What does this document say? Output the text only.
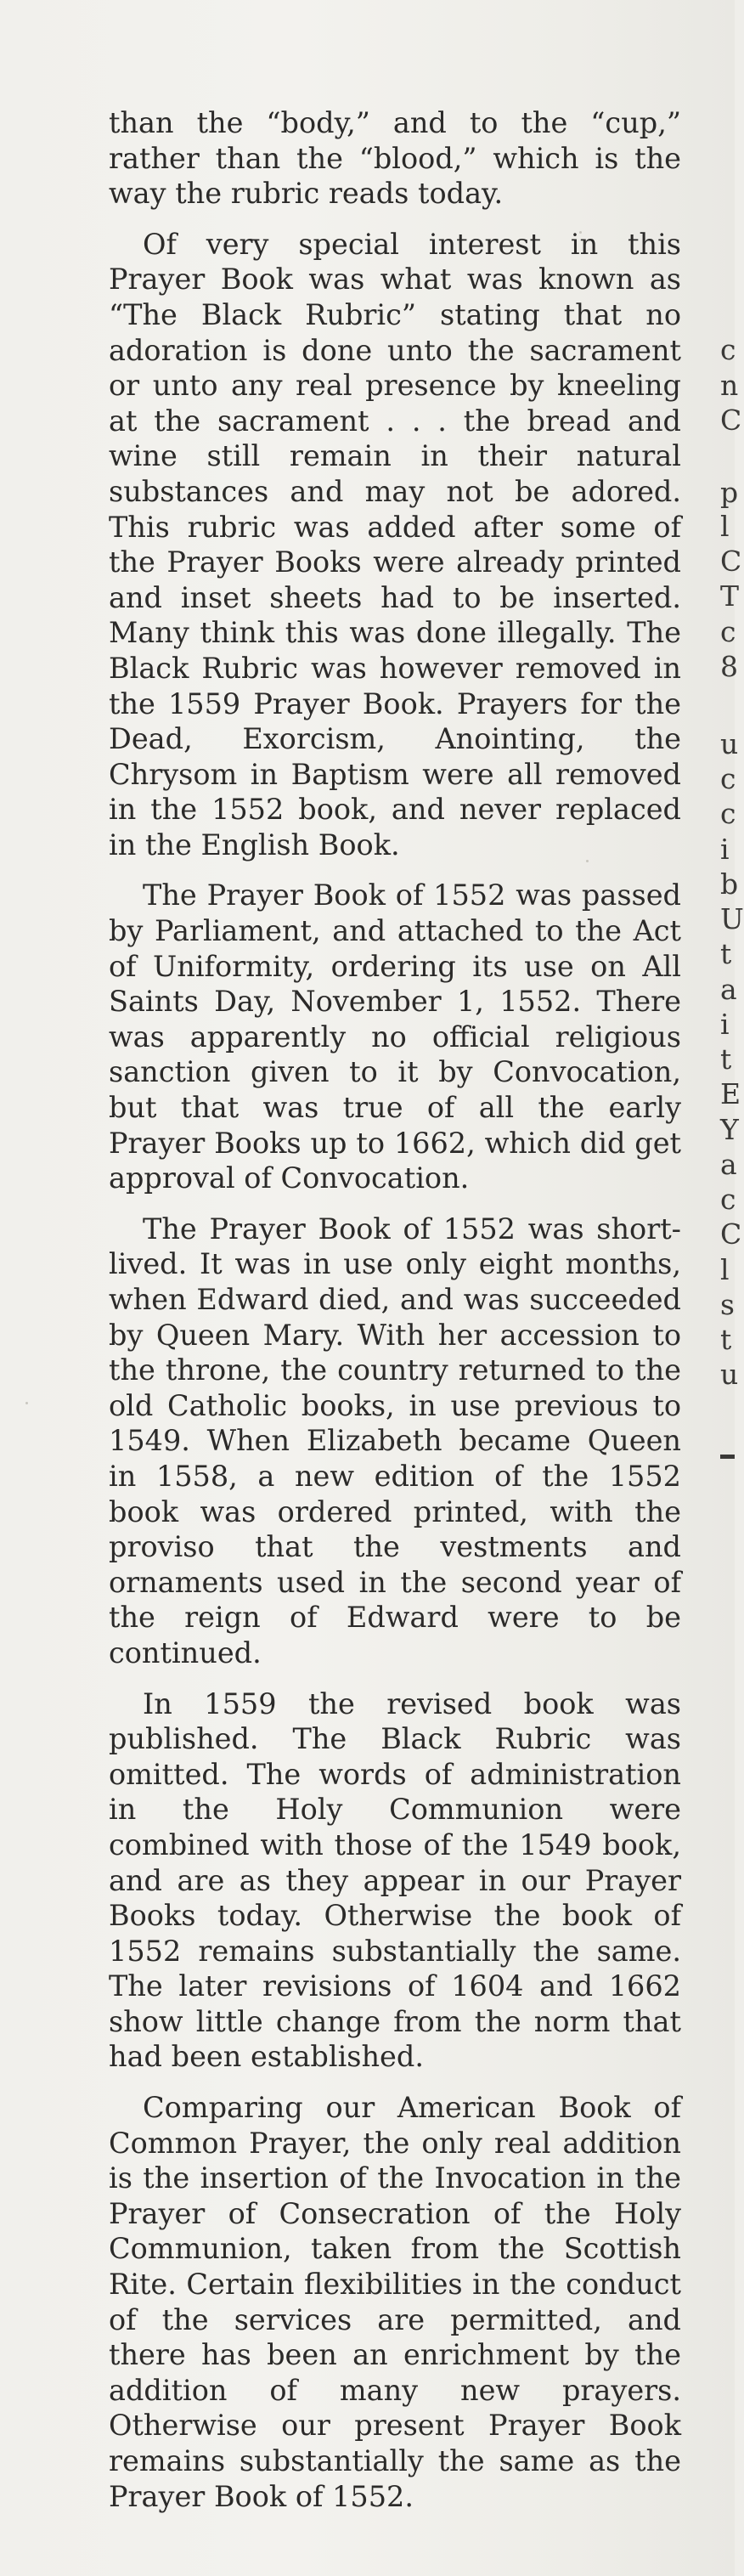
than the “body,” and to the “cup,” rather than the “blood,” which is the way the rubric reads today.

Of very special interest in this Prayer Book was what was known as “The Black Rubric” stating that no adoration is done unto the sacrament or unto any real presence by kneeling at the sacrament . . . the bread and wine still remain in their natural substances and may not be adored. This rubric was added after some of the Prayer Books were already printed and inset sheets had to be inserted. Many think this was done illegally. The Black Rubric was however removed in the 1559 Prayer Book. Prayers for the Dead, Exorcism, Anointing, the Chrysom in Baptism were all removed in the 1552 book, and never replaced in the English Book.

The Prayer Book of 1552 was passed by Parliament, and attached to the Act of Uniformity, ordering its use on All Saints Day, November 1, 1552. There was apparently no official religious sanction given to it by Convocation, but that was true of all the early Prayer Books up to 1662, which did get approval of Convocation.

The Prayer Book of 1552 was short-lived. It was in use only eight months, when Edward died, and was succeeded by Queen Mary. With her accession to the throne, the country returned to the old Catholic books, in use previous to 1549. When Elizabeth became Queen in 1558, a new edition of the 1552 book was ordered printed, with the proviso that the vestments and ornaments used in the second year of the reign of Edward were to be continued.

In 1559 the revised book was published. The Black Rubric was omitted. The words of administration in the Holy Communion were combined with those of the 1549 book, and are as they appear in our Prayer Books today. Otherwise the book of 1552 remains substantially the same. The later revisions of 1604 and 1662 show little change from the norm that had been established.

Comparing our American Book of Common Prayer, the only real addition is the insertion of the Invocation in the Prayer of Consecration of the Holy Communion, taken from the Scottish Rite. Certain flexibilities in the conduct of the services are permitted, and there has been an enrichment by the addition of many new prayers. Otherwise our present Prayer Book remains substantially the same as the Prayer Book of 1552.

c
n
C
p
l
C
T
c
8
u
c
c
i
b
U
t
a
i
t
E
Y
a
c
C
l
s
t
u
